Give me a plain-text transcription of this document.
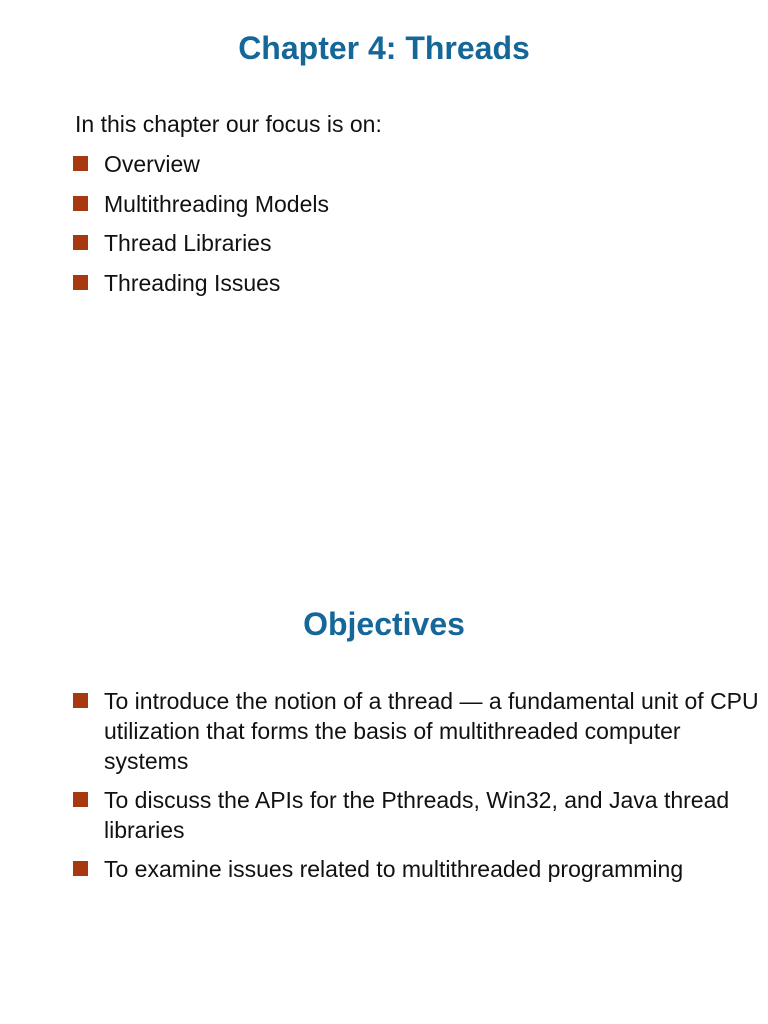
Chapter 4: Threads

In this chapter our focus is on:

Overview
Multithreading Models
Thread Libraries
Threading Issues
Objectives
To introduce the notion of a thread — a fundamental unit of CPU utilization that forms the basis of multithreaded computer systems
To discuss the APIs for the Pthreads, Win32, and Java thread libraries
To examine issues related to multithreaded programming
